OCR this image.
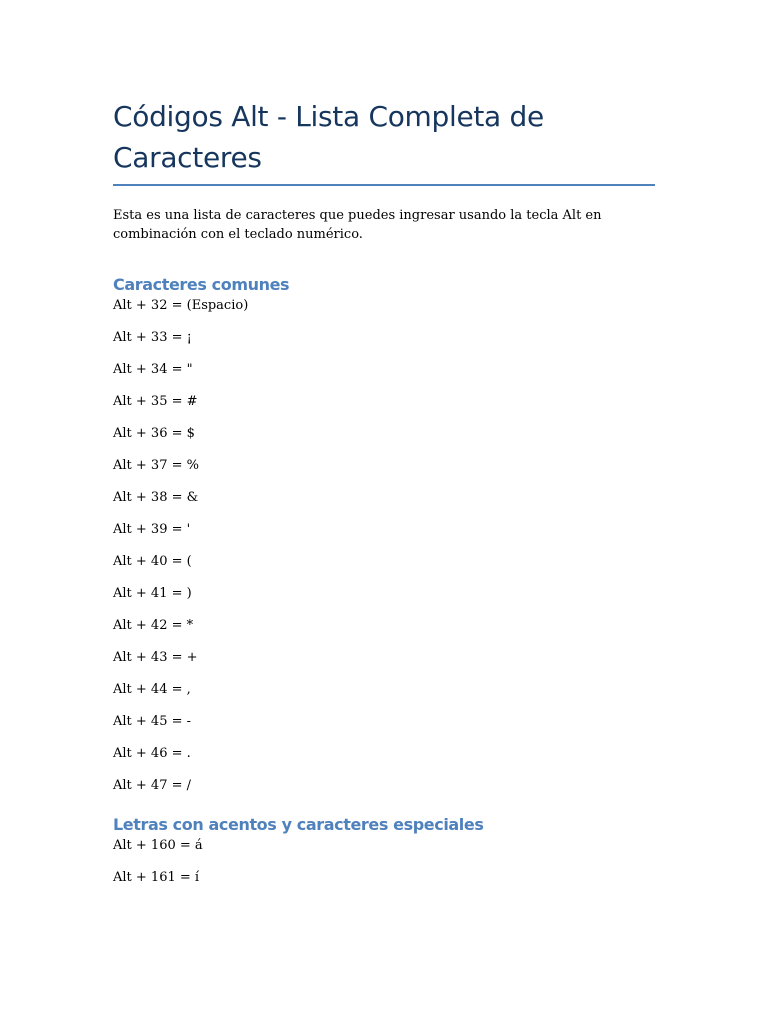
Códigos Alt - Lista Completa de Caracteres

Esta es una lista de caracteres que puedes ingresar usando la tecla Alt en combinación con el teclado numérico.

Caracteres comunes
Alt + 32 = (Espacio)
Alt + 33 = ¡
Alt + 34 = "
Alt + 35 = #
Alt + 36 = $
Alt + 37 = %
Alt + 38 = &
Alt + 39 = '
Alt + 40 = (
Alt + 41 = )
Alt + 42 = *
Alt + 43 = +
Alt + 44 = ,
Alt + 45 = -
Alt + 46 = .
Alt + 47 = /
Letras con acentos y caracteres especiales
Alt + 160 = á
Alt + 161 = í
